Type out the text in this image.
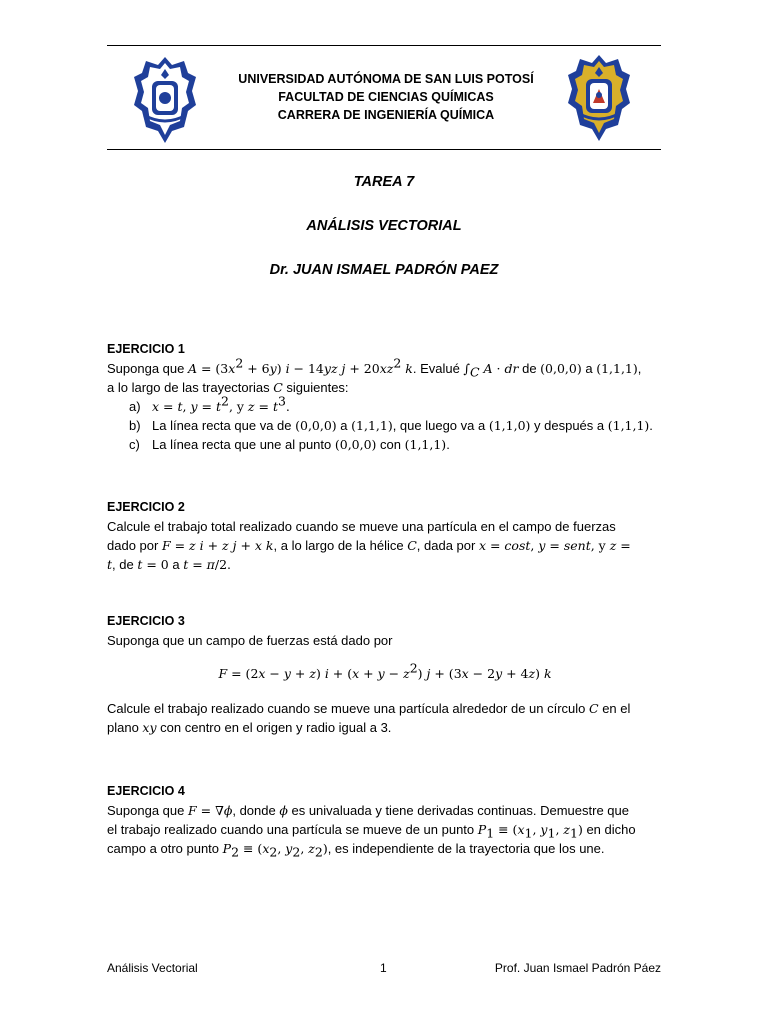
UNIVERSIDAD AUTÓNOMA DE SAN LUIS POTOSÍ
FACULTAD DE CIENCIAS QUÍMICAS
CARRERA DE INGENIERÍA QUÍMICA
TAREA 7
ANÁLISIS VECTORIAL
Dr. JUAN ISMAEL PADRÓN PAEZ
EJERCICIO 1
Suponga que $A = (3x^2 + 6y) i - 14yz$ $j + 20xz^2$ k. Evalué $\int_C$ A · dr de (0,0,0) a (1,1,1),
a lo largo de las trayectorias C siguientes:
a) x = t, $y = t^2$, y $z = t^3$.
b) La línea recta que va de (0,0,0) a (1,1,1), que luego va a (1,1,0) y después a (1,1,1).
c) La línea recta que une al punto (0,0,0) con (1,1,1).
EJERCICIO 2
Calcule el trabajo total realizado cuando se mueve una partícula en el campo de fuerzas
dado por F = z i + z j + x k, a lo largo de la hélice C, dada por x = cost, y = sent, y z =
t, de t = 0 a t = π/2.
EJERCICIO 3
Suponga que un campo de fuerzas está dado por
F = (2x − y + z) $i + (x + y - z^2)$ j + (3x − 2y + 4z) k
Calcule el trabajo realizado cuando se mueve una partícula alrededor de un círculo C en el
plano xy con centro en el origen y radio igual a 3.
EJERCICIO 4
Suponga que F = ∇ϕ, donde ϕ es univaluada y tiene derivadas continuas. Demuestre que
el trabajo realizado cuando una partícula se mueve de un punto $P_1 \equiv (x_1$, $y_1$, $z_1$) en dicho
campo a otro punto $P_2 \equiv (x_2$, $y_2$, $z_2$), es independiente de la trayectoria que los une.
Análisis Vectorial	1	Prof. Juan Ismael Padrón Páez
